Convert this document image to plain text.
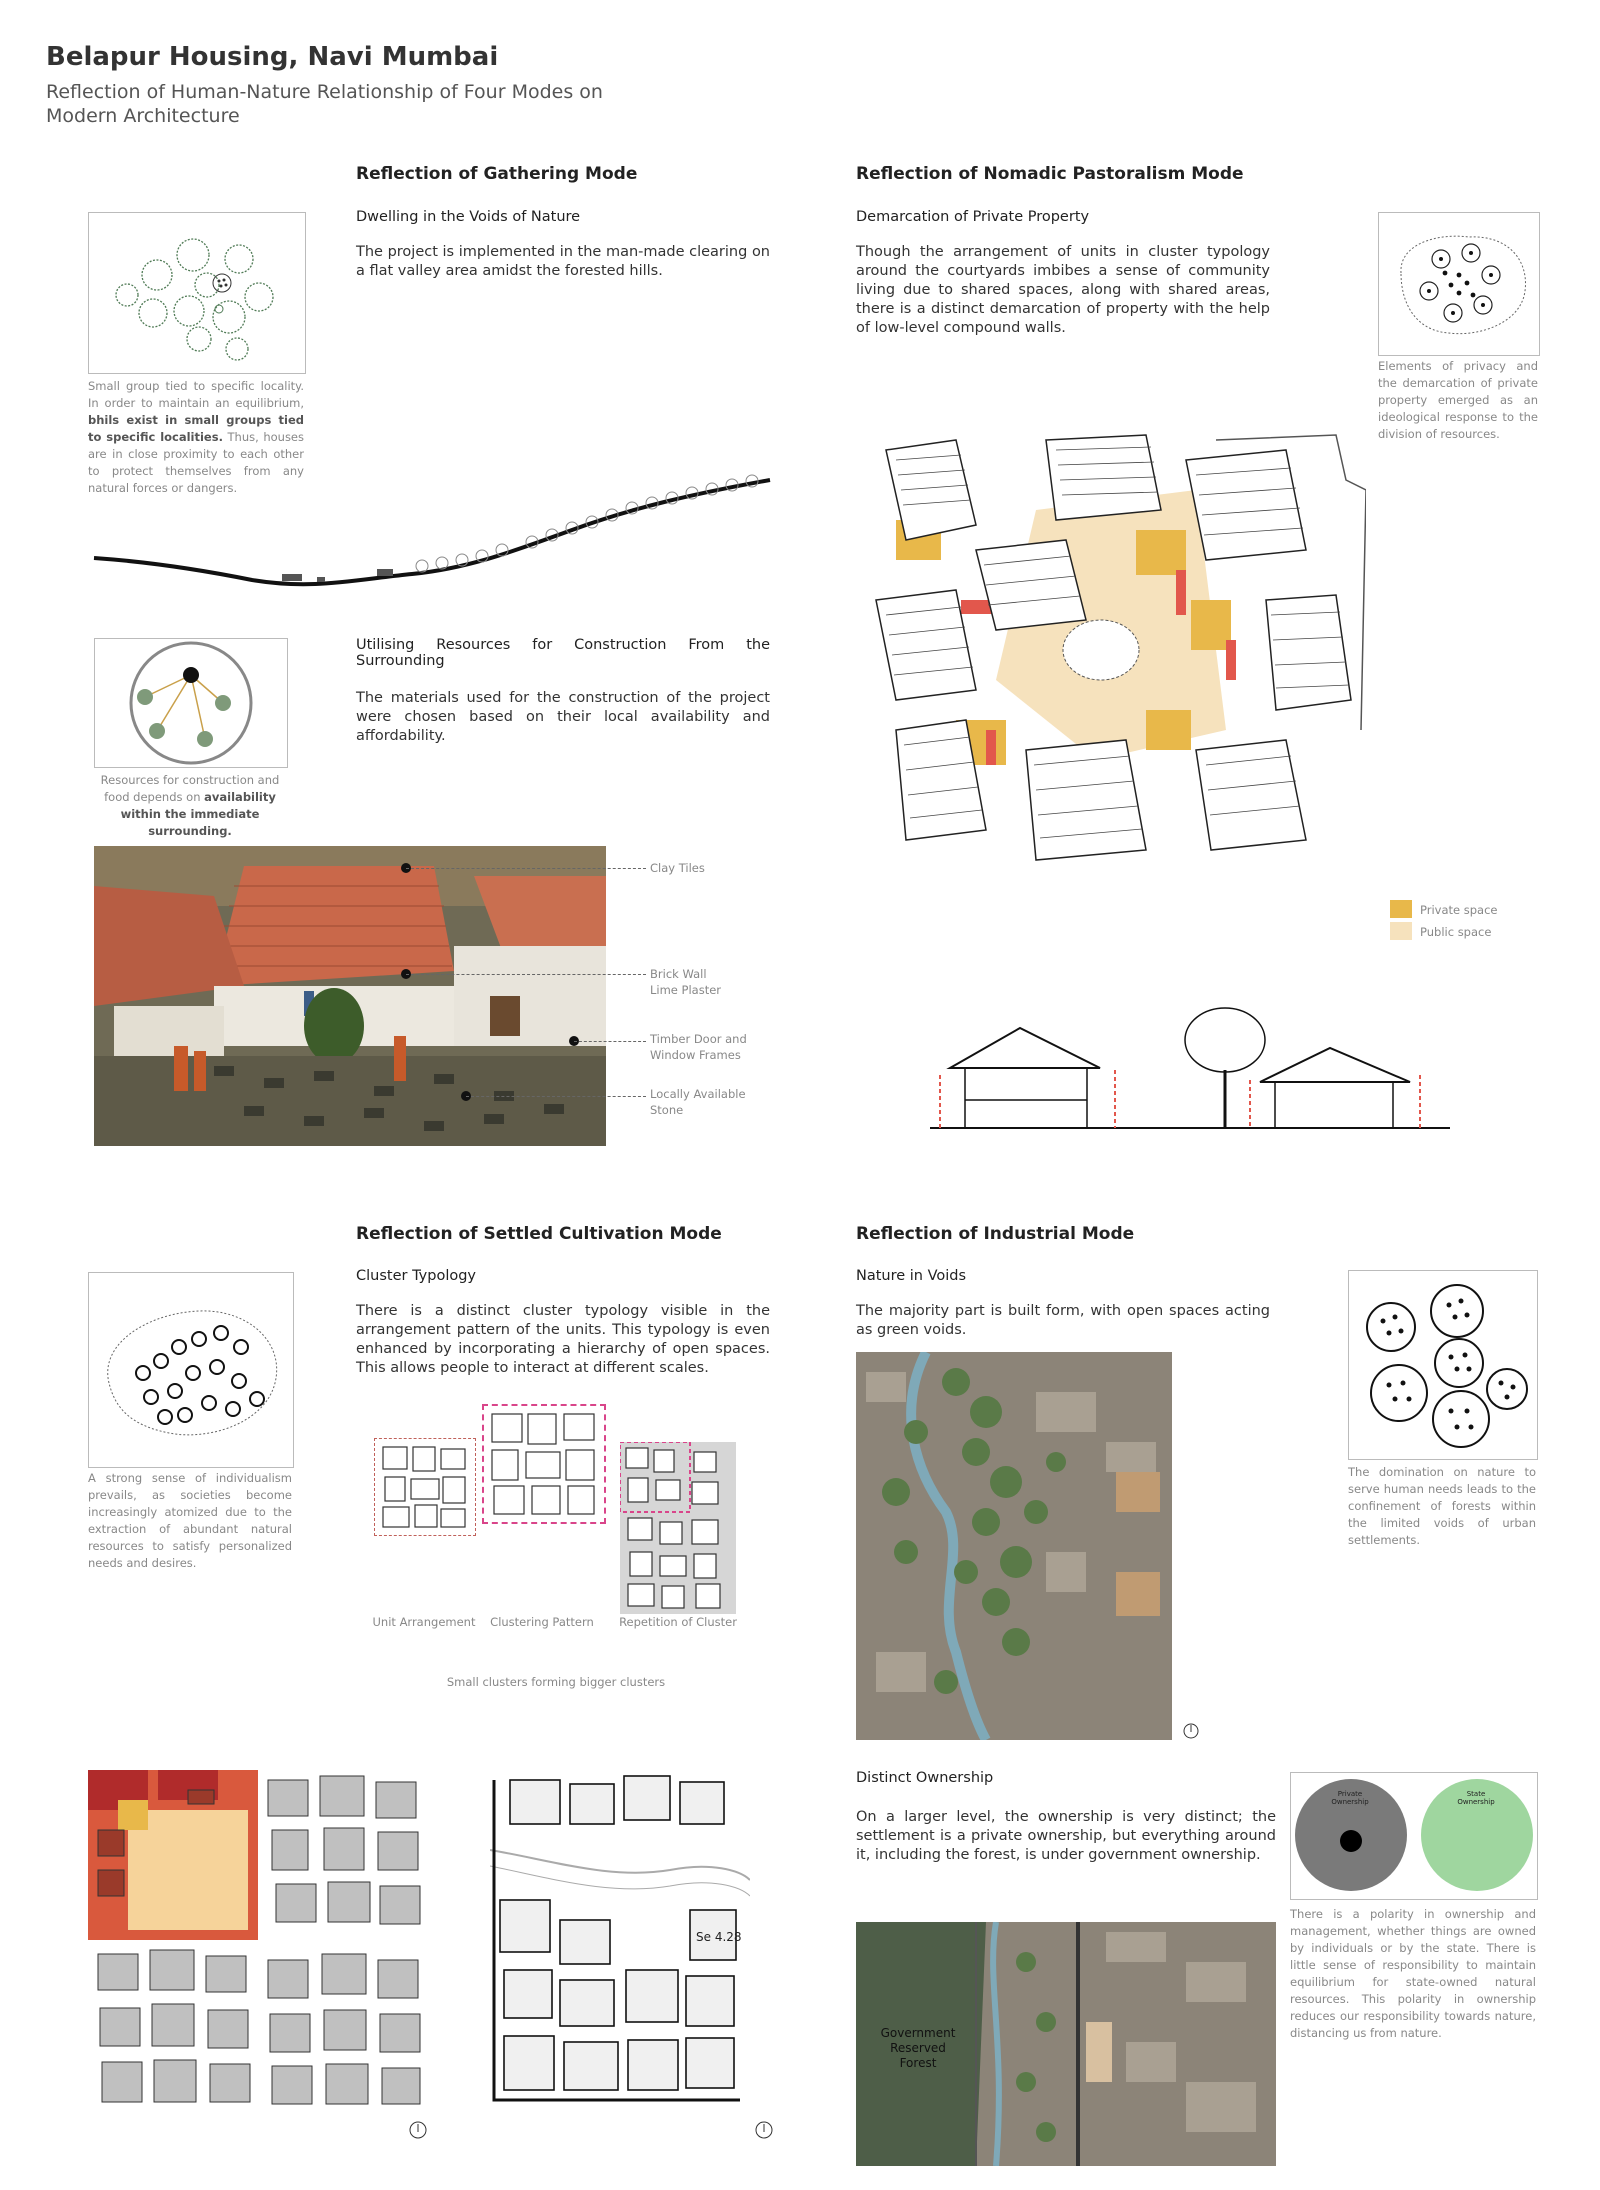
Belapur Housing, Navi Mumbai
Reflection of Human-Nature Relationship of Four Modes on Modern Architecture
Reflection of Gathering Mode
Dwelling in the Voids of Nature
The project is implemented in the man-made clearing on a flat valley area amidst the forested hills.
Small group tied to specific locality. In order to maintain an equilibrium, bhils exist in small groups tied to specific localities. Thus, houses are in close proximity to each other to protect themselves from any natural forces or dangers.
Utilising Resources for Construction From the Surrounding
The materials used for the construction of the project were chosen based on their local availability and affordability.
Resources for construction and food depends on availability within the immediate surrounding.
Clay Tiles
Brick Wall
Lime Plaster
Timber Door and
Window Frames
Locally Available
Stone
Reflection of Nomadic Pastoralism Mode
Demarcation of Private Property
Though the arrangement of units in cluster typology around the courtyards imbibes a sense of community living due to shared spaces, along with shared areas, there is a distinct demarcation of property with the help of low-level compound walls.
Elements of privacy and the demarcation of private property emerged as an ideological response to the division of resources.
Private space
Public space
Reflection of Settled Cultivation Mode
Cluster Typology
There is a distinct cluster typology visible in the arrangement pattern of the units. This typology is even enhanced by incorporating a hierarchy of open spaces. This allows people to interact at different scales.
A strong sense of individualism prevails, as societies become increasingly atomized due to the extraction of abundant natural resources to satisfy personalized needs and desires.
Unit Arrangement	Clustering Pattern	Repetition of Cluster
Small clusters forming bigger clusters
Se 4.28
Reflection of Industrial Mode
Nature in Voids
The majority part is built form, with open spaces acting as green voids.
The domination on nature to serve human needs leads to the confinement of forests within the limited voids of urban settlements.
Distinct Ownership
On a larger level, the ownership is very distinct; the settlement is a private ownership, but everything around it, including the forest, is under government ownership.
Private
Ownership
State
Ownership
There is a polarity in ownership and management, whether things are owned by individuals or by the state. There is little sense of responsibility to maintain equilibrium for state-owned natural resources. This polarity in ownership reduces our responsibility towards nature, distancing us from nature.
Government
Reserved
Forest
